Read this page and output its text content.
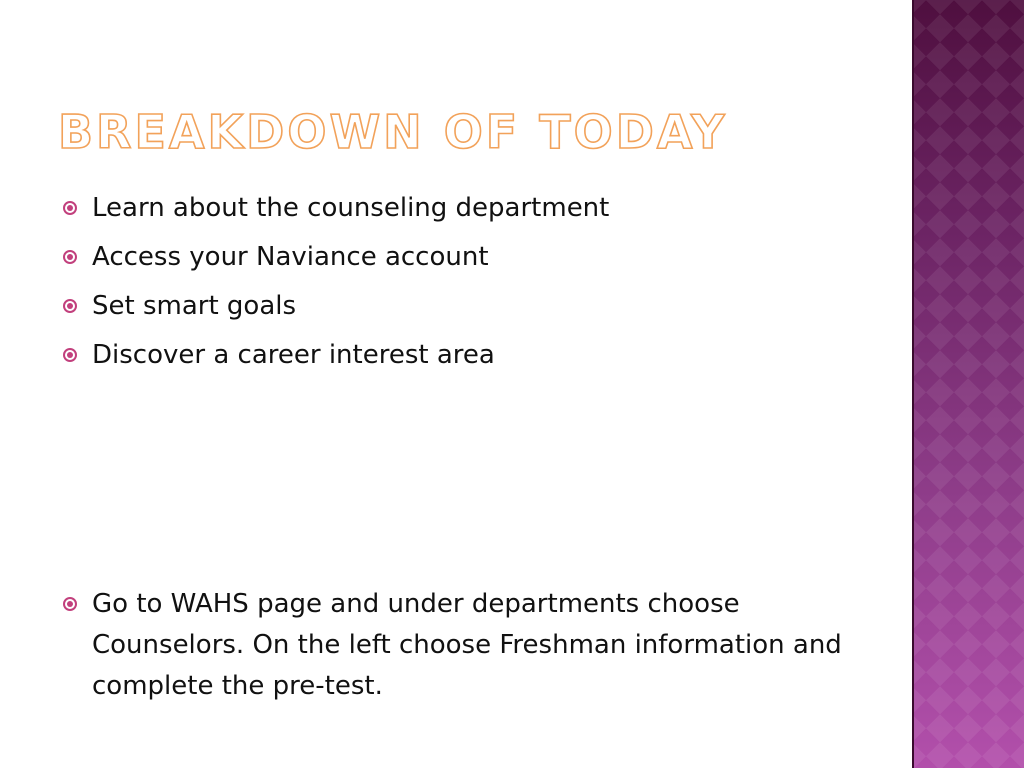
BREAKDOWN OF TODAY
Learn about the counseling department
Access your Naviance account
Set smart goals
Discover a career interest area
Go to WAHS page and under departments choose Counselors. On the left choose Freshman information and complete the pre-test.
